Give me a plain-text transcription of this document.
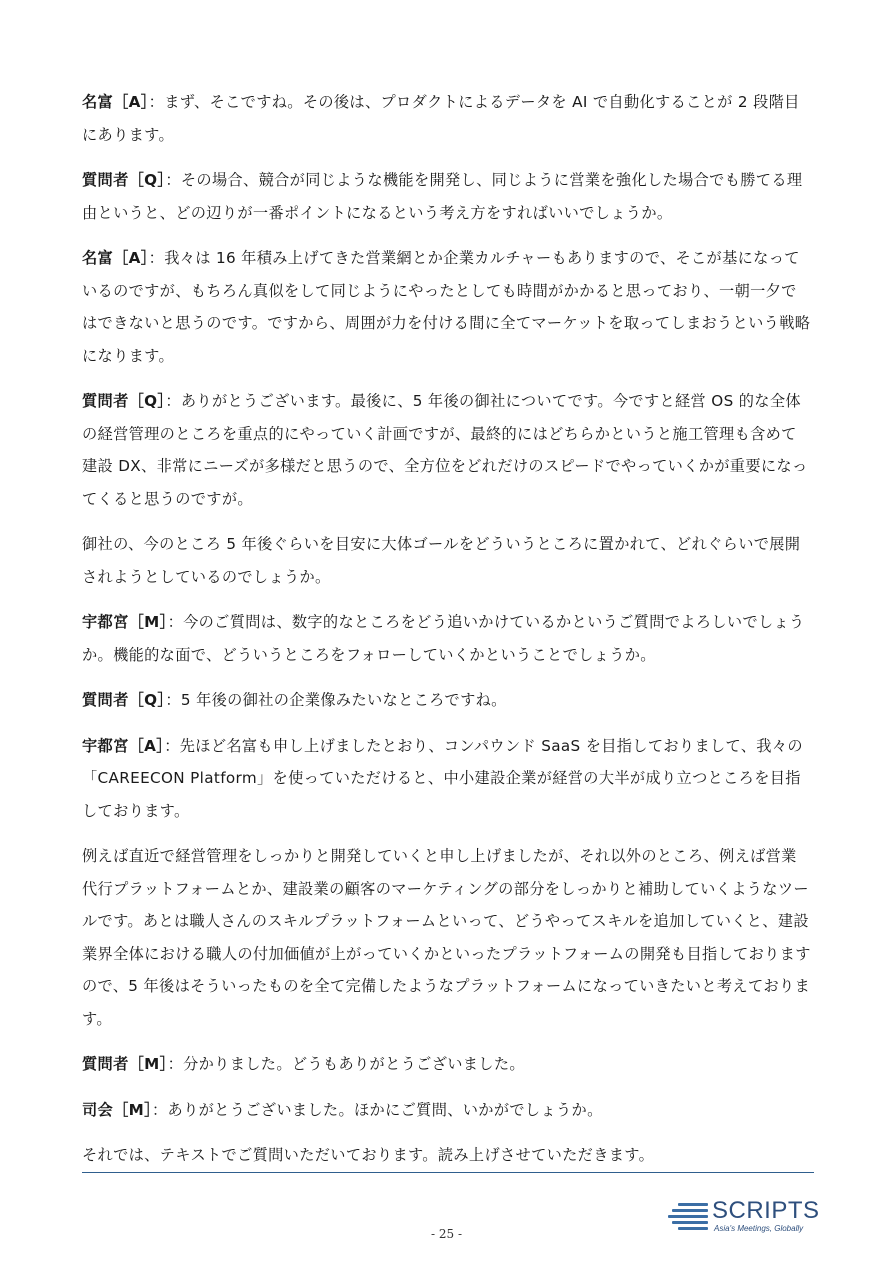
名富［A］：まず、そこですね。その後は、プロダクトによるデータを AI で自動化することが 2 段階目にあります。

質問者［Q］：その場合、競合が同じような機能を開発し、同じように営業を強化した場合でも勝てる理由というと、どの辺りが一番ポイントになるという考え方をすればいいでしょうか。

名富［A］：我々は 16 年積み上げてきた営業網とか企業カルチャーもありますので、そこが基になっているのですが、もちろん真似をして同じようにやったとしても時間がかかると思っており、一朝一夕ではできないと思うのです。ですから、周囲が力を付ける間に全てマーケットを取ってしまおうという戦略になります。

質問者［Q］：ありがとうございます。最後に、5 年後の御社についてです。今ですと経営 OS 的な全体の経営管理のところを重点的にやっていく計画ですが、最終的にはどちらかというと施工管理も含めて建設 DX、非常にニーズが多様だと思うので、全方位をどれだけのスピードでやっていくかが重要になってくると思うのですが。

御社の、今のところ 5 年後ぐらいを目安に大体ゴールをどういうところに置かれて、どれぐらいで展開されようとしているのでしょうか。

宇都宮［M］：今のご質問は、数字的なところをどう追いかけているかというご質問でよろしいでしょうか。機能的な面で、どういうところをフォローしていくかということでしょうか。

質問者［Q］：5 年後の御社の企業像みたいなところですね。

宇都宮［A］：先ほど名富も申し上げましたとおり、コンパウンド SaaS を目指しておりまして、我々の「CAREECON Platform」を使っていただけると、中小建設企業が経営の大半が成り立つところを目指しております。

例えば直近で経営管理をしっかりと開発していくと申し上げましたが、それ以外のところ、例えば営業代行プラットフォームとか、建設業の顧客のマーケティングの部分をしっかりと補助していくようなツールです。あとは職人さんのスキルプラットフォームといって、どうやってスキルを追加していくと、建設業界全体における職人の付加価値が上がっていくかといったプラットフォームの開発も目指しておりますので、5 年後はそういったものを全て完備したようなプラットフォームになっていきたいと考えております。

質問者［M］：分かりました。どうもありがとうございました。

司会［M］：ありがとうございました。ほかにご質問、いかがでしょうか。

それでは、テキストでご質問いただいております。読み上げさせていただきます。

SCRIPTS
Asia's Meetings, Globally
- 25 -
